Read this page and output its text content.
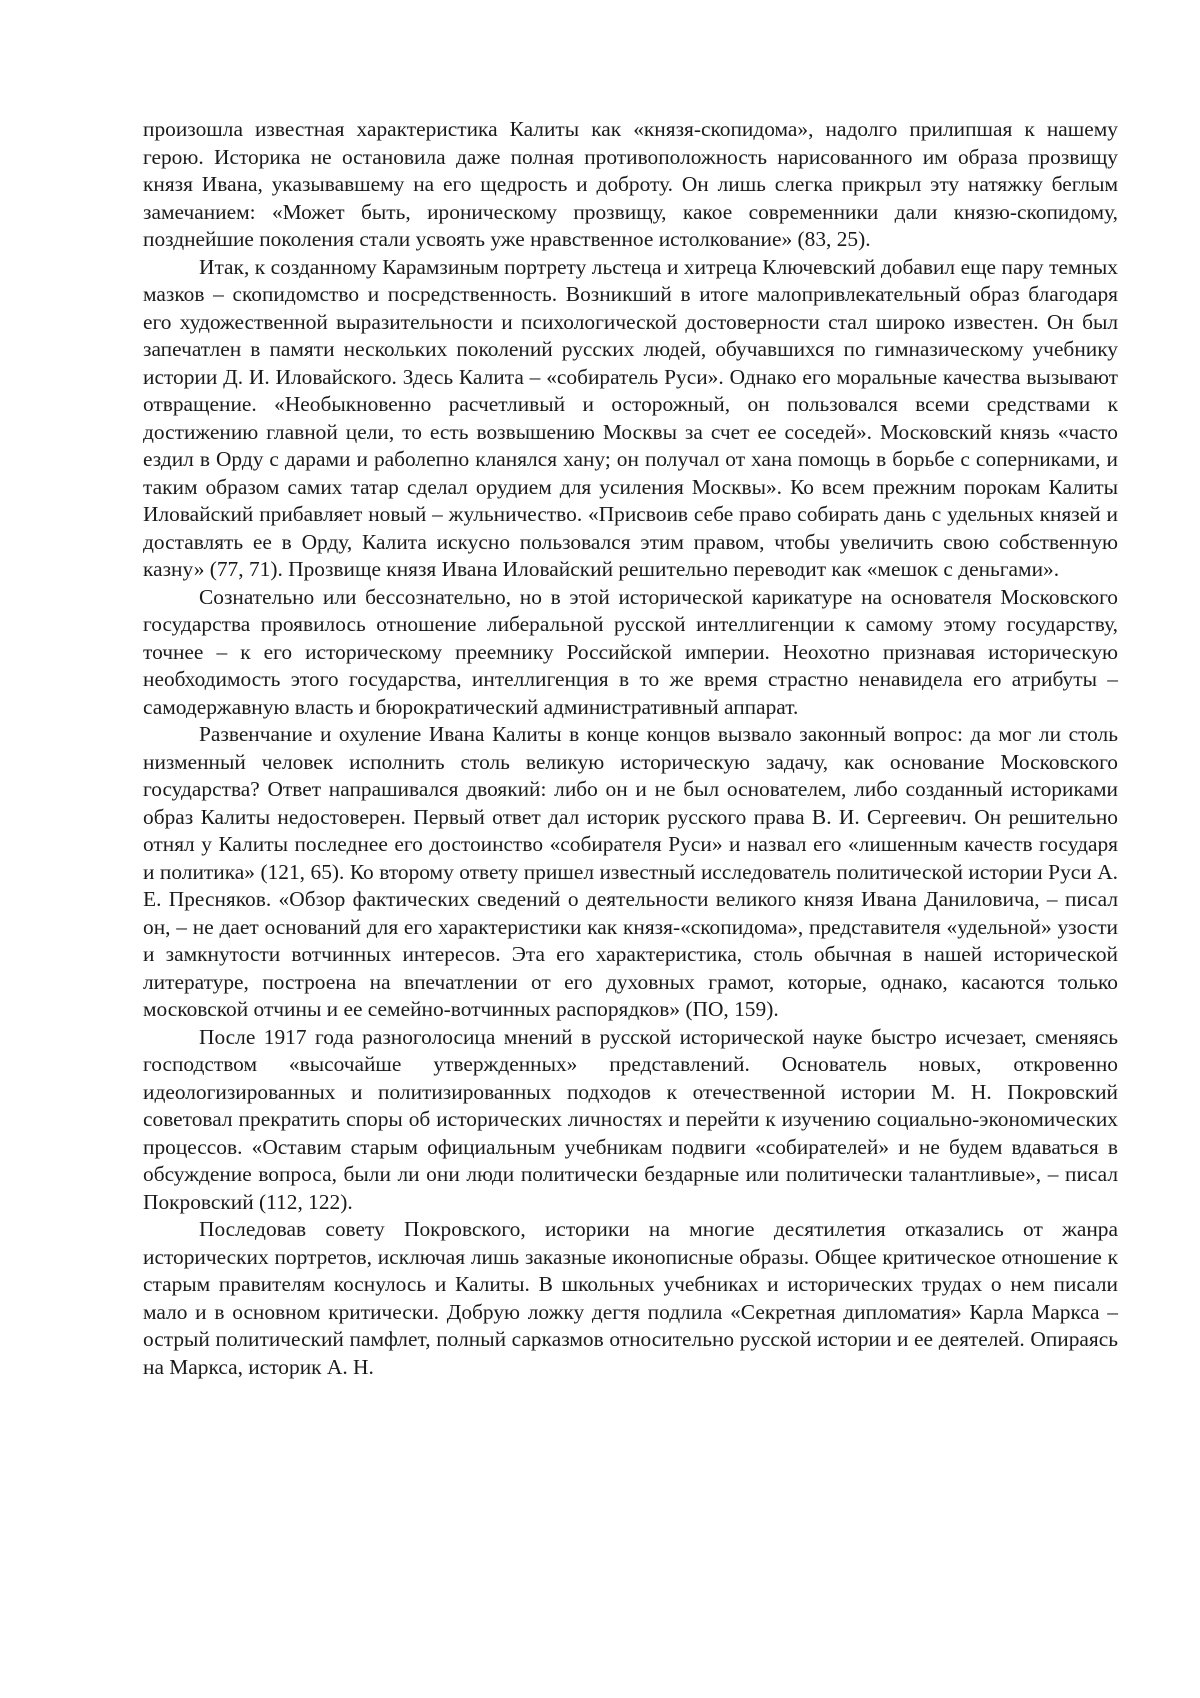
произошла известная характеристика Калиты как «князя-скопидома», надолго прилипшая к нашему герою. Историка не остановила даже полная противоположность нарисованного им образа прозвищу князя Ивана, указывавшему на его щедрость и доброту. Он лишь слегка прикрыл эту натяжку беглым замечанием: «Может быть, ироническому прозвищу, какое современники дали князю-скопидому, позднейшие поколения стали усвоять уже нравственное истолкование» (83, 25).

Итак, к созданному Карамзиным портрету льстеца и хитреца Ключевский добавил еще пару темных мазков – скопидомство и посредственность. Возникший в итоге малопривлекательный образ благодаря его художественной выразительности и психологической достоверности стал широко известен. Он был запечатлен в памяти нескольких поколений русских людей, обучавшихся по гимназическому учебнику истории Д. И. Иловайского. Здесь Калита – «собиратель Руси». Однако его моральные качества вызывают отвращение. «Необыкновенно расчетливый и осторожный, он пользовался всеми средствами к достижению главной цели, то есть возвышению Москвы за счет ее соседей». Московский князь «часто ездил в Орду с дарами и раболепно кланялся хану; он получал от хана помощь в борьбе с соперниками, и таким образом самих татар сделал орудием для усиления Москвы». Ко всем прежним порокам Калиты Иловайский прибавляет новый – жульничество. «Присвоив себе право собирать дань с удельных князей и доставлять ее в Орду, Калита искусно пользовался этим правом, чтобы увеличить свою собственную казну» (77, 71). Прозвище князя Ивана Иловайский решительно переводит как «мешок с деньгами».

Сознательно или бессознательно, но в этой исторической карикатуре на основателя Московского государства проявилось отношение либеральной русской интеллигенции к самому этому государству, точнее – к его историческому преемнику Российской империи. Неохотно признавая историческую необходимость этого государства, интеллигенция в то же время страстно ненавидела его атрибуты – самодержавную власть и бюрократический административный аппарат.

Развенчание и охуление Ивана Калиты в конце концов вызвало законный вопрос: да мог ли столь низменный человек исполнить столь великую историческую задачу, как основание Московского государства? Ответ напрашивался двоякий: либо он и не был основателем, либо созданный историками образ Калиты недостоверен. Первый ответ дал историк русского права В. И. Сергеевич. Он решительно отнял у Калиты последнее его достоинство «собирателя Руси» и назвал его «лишенным качеств государя и политика» (121, 65). Ко второму ответу пришел известный исследователь политической истории Руси А. Е. Пресняков. «Обзор фактических сведений о деятельности великого князя Ивана Даниловича, – писал он, – не дает оснований для его характеристики как князя-«скопидома», представителя «удельной» узости и замкнутости вотчинных интересов. Эта его характеристика, столь обычная в нашей исторической литературе, построена на впечатлении от его духовных грамот, которые, однако, касаются только московской отчины и ее семейно-вотчинных распорядков» (ПО, 159).

После 1917 года разноголосица мнений в русской исторической науке быстро исчезает, сменяясь господством «высочайше утвержденных» представлений. Основатель новых, откровенно идеологизированных и политизированных подходов к отечественной истории М. Н. Покровский советовал прекратить споры об исторических личностях и перейти к изучению социально-экономических процессов. «Оставим старым официальным учебникам подвиги «собирателей» и не будем вдаваться в обсуждение вопроса, были ли они люди политически бездарные или политически талантливые», – писал Покровский (112, 122).

Последовав совету Покровского, историки на многие десятилетия отказались от жанра исторических портретов, исключая лишь заказные иконописные образы. Общее критическое отношение к старым правителям коснулось и Калиты. В школьных учебниках и исторических трудах о нем писали мало и в основном критически. Добрую ложку дегтя подлила «Секретная дипломатия» Карла Маркса – острый политический памфлет, полный сарказмов относительно русской истории и ее деятелей. Опираясь на Маркса, историк А. Н.
